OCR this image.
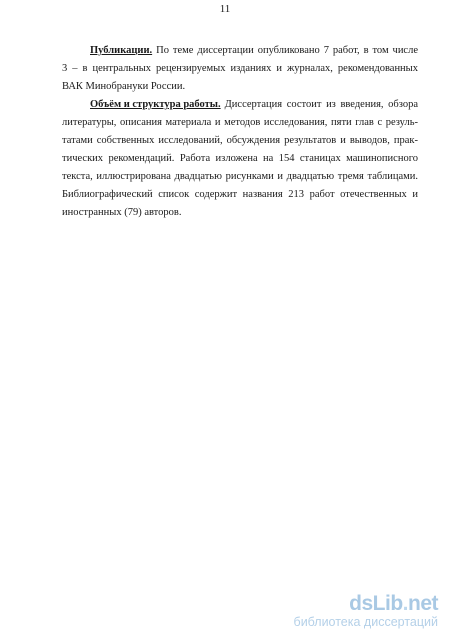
11
Публикации. По теме диссертации опубликовано 7 работ, в том числе
3 – в центральных рецензируемых изданиях и журналах, рекомендованных
ВАК Минобрануки России.
Объём и структура работы. Диссертация состоит из введения, обзора
литературы, описания материала и методов исследования, пяти глав с резуль-
татами собственных исследований, обсуждения результатов и выводов, прак-
тических рекомендаций. Работа изложена на 154 станицах машинописного
текста, иллюстрирована двадцатью рисунками и двадцатью тремя таблицами.
Библиографический список содержит названия 213 работ отечественных и
иностранных (79) авторов.
dsLib.net
библиотека диссертаций
